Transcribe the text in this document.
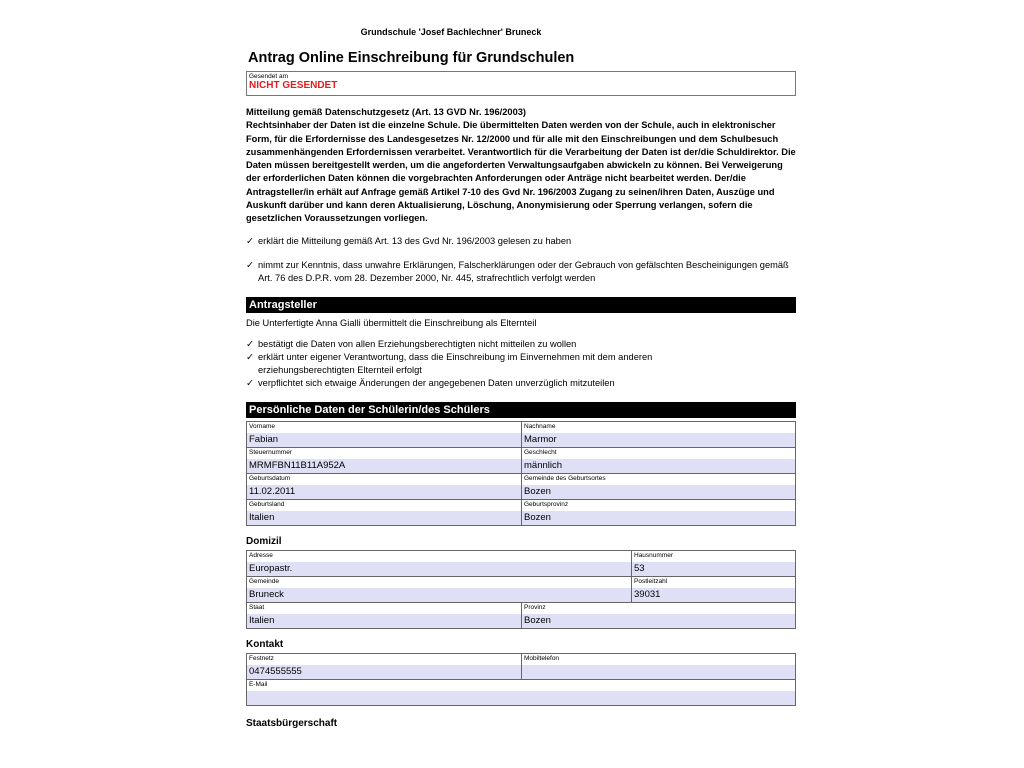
Grundschule 'Josef Bachlechner' Bruneck
Antrag Online Einschreibung für Grundschulen
Gesendet am
NICHT GESENDET
Mitteilung gemäß Datenschutzgesetz (Art. 13 GVD Nr. 196/2003)
Rechtsinhaber der Daten ist die einzelne Schule. Die übermittelten Daten werden von der Schule, auch in elektronischer Form, für die Erfordernisse des Landesgesetzes Nr. 12/2000 und für alle mit den Einschreibungen und dem Schulbesuch zusammenhängenden Erfordernissen verarbeitet. Verantwortlich für die Verarbeitung der Daten ist der/die Schuldirektor. Die Daten müssen bereitgestellt werden, um die angeforderten Verwaltungsaufgaben abwickeln zu können. Bei Verweigerung der erforderlichen Daten können die vorgebrachten Anforderungen oder Anträge nicht bearbeitet werden. Der/die Antragsteller/in erhält auf Anfrage gemäß Artikel 7-10 des Gvd Nr. 196/2003 Zugang zu seinen/ihren Daten, Auszüge und Auskunft darüber und kann deren Aktualisierung, Löschung, Anonymisierung oder Sperrung verlangen, sofern die gesetzlichen Voraussetzungen vorliegen.
✓ erklärt die Mitteilung gemäß Art. 13 des Gvd Nr. 196/2003 gelesen zu haben
✓ nimmt zur Kenntnis, dass unwahre Erklärungen, Falscherklärungen oder der Gebrauch von gefälschten Bescheinigungen gemäß Art. 76 des D.P.R. vom 28. Dezember 2000, Nr. 445, strafrechtlich verfolgt werden
Antragsteller
Die Unterfertigte Anna Gialli übermittelt die Einschreibung als Elternteil
✓ bestätigt die Daten von allen Erziehungsberechtigten nicht mitteilen zu wollen
✓ erklärt unter eigener Verantwortung, dass die Einschreibung im Einvernehmen mit dem anderen erziehungsberechtigten Elternteil erfolgt
✓ verpflichtet sich etwaige Änderungen der angegebenen Daten unverzüglich mitzuteilen
Persönliche Daten der Schülerin/des Schülers
Vorname
Fabian
Nachname
Marmor
Steuernummer
MRMFBN11B11A952A
Geschlecht
männlich
Geburtsdatum
11.02.2011
Gemeinde des Geburtsortes
Bozen
Geburtsland
Italien
Geburtsprovinz
Bozen
Domizil
Adresse
Europastr.
Hausnummer
53
Gemeinde
Bruneck
Postleitzahl
39031
Staat
Italien
Provinz
Bozen
Kontakt
Festnetz
0474555555
Mobiltelefon
E-Mail
Staatsbürgerschaft
